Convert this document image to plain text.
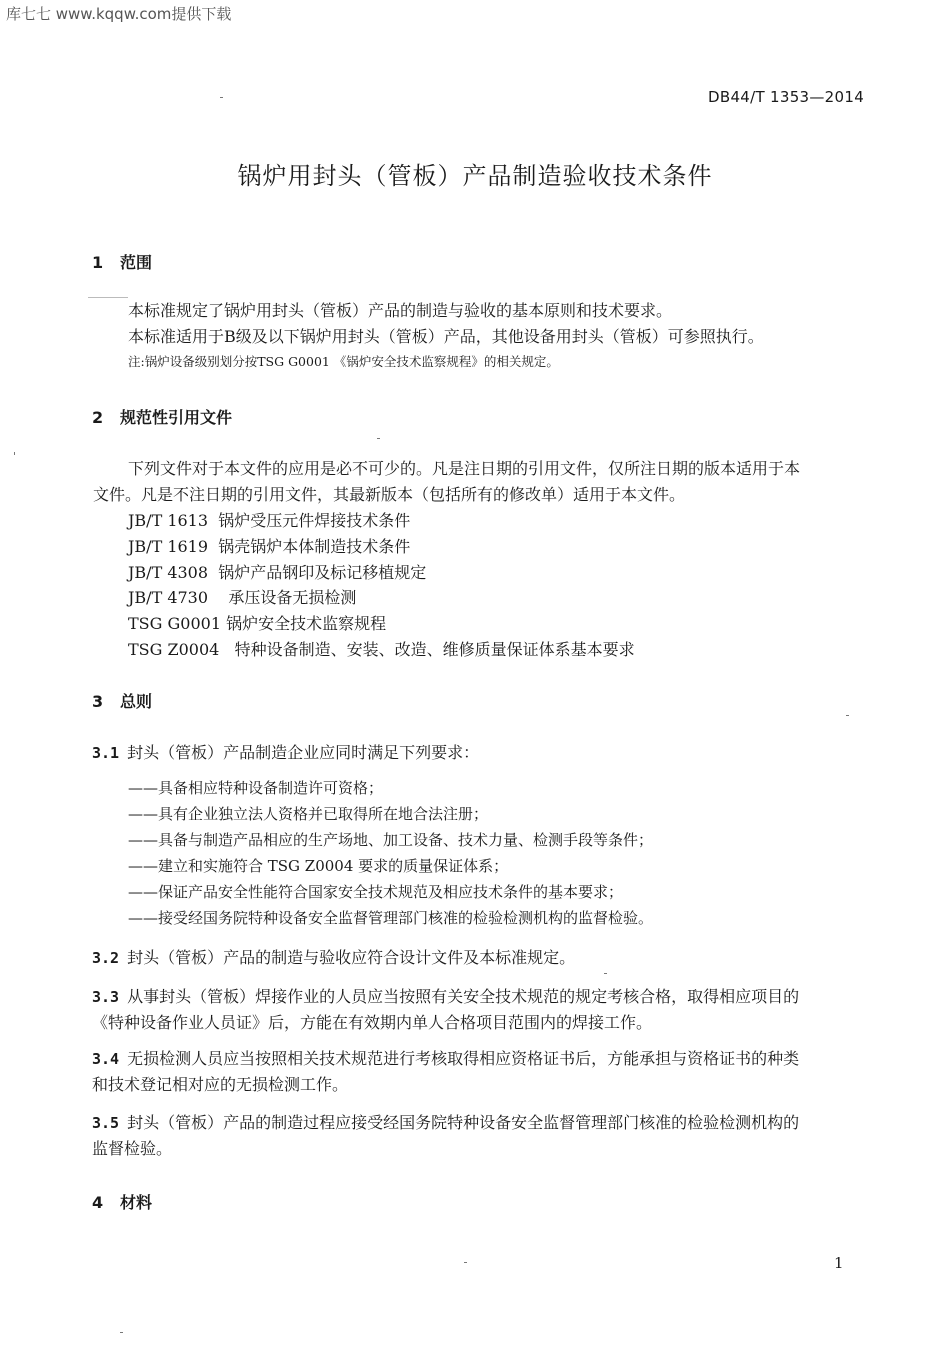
库七七 www.kqqw.com提供下载
DB44/T 1353—2014
锅炉用封头（管板）产品制造验收技术条件
1 范围
本标准规定了锅炉用封头（管板）产品的制造与验收的基本原则和技术要求。
本标准适用于B级及以下锅炉用封头（管板）产品，其他设备用封头（管板）可参照执行。
注:锅炉设备级别划分按TSG G0001 《锅炉安全技术监察规程》的相关规定。
2 规范性引用文件
下列文件对于本文件的应用是必不可少的。凡是注日期的引用文件，仅所注日期的版本适用于本
文件。凡是不注日期的引用文件，其最新版本（包括所有的修改单）适用于本文件。
JB/T 1613 锅炉受压元件焊接技术条件
JB/T 1619 锅壳锅炉本体制造技术条件
JB/T 4308 锅炉产品钢印及标记移植规定
JB/T 4730 承压设备无损检测
TSG G0001 锅炉安全技术监察规程
TSG Z0004 特种设备制造、安装、改造、维修质量保证体系基本要求
3 总则
3.1 封头（管板）产品制造企业应同时满足下列要求：
——具备相应特种设备制造许可资格；
——具有企业独立法人资格并已取得所在地合法注册；
——具备与制造产品相应的生产场地、加工设备、技术力量、检测手段等条件；
——建立和实施符合 TSG Z0004 要求的质量保证体系；
——保证产品安全性能符合国家安全技术规范及相应技术条件的基本要求；
——接受经国务院特种设备安全监督管理部门核准的检验检测机构的监督检验。
3.2 封头（管板）产品的制造与验收应符合设计文件及本标准规定。
3.3 从事封头（管板）焊接作业的人员应当按照有关安全技术规范的规定考核合格，取得相应项目的
《特种设备作业人员证》后，方能在有效期内单人合格项目范围内的焊接工作。
3.4 无损检测人员应当按照相关技术规范进行考核取得相应资格证书后，方能承担与资格证书的种类
和技术登记相对应的无损检测工作。
3.5 封头（管板）产品的制造过程应接受经国务院特种设备安全监督管理部门核准的检验检测机构的
监督检验。
4 材料
1
